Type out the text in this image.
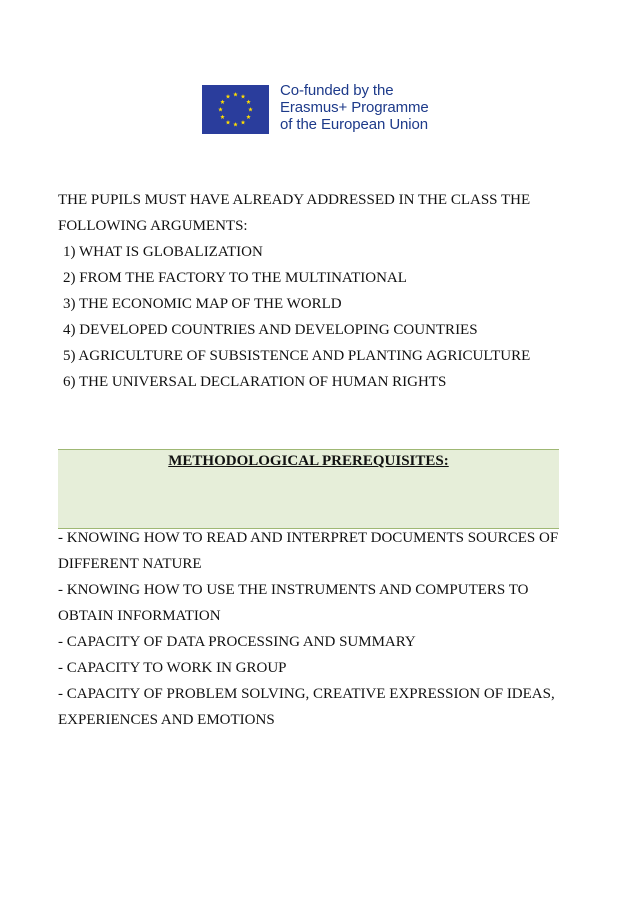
Co-funded by the
Erasmus+ Programme
of the European Union

THE PUPILS MUST HAVE ALREADY ADDRESSED IN THE CLASS THE

FOLLOWING ARGUMENTS:

1) WHAT IS GLOBALIZATION
2) FROM THE FACTORY TO THE MULTINATIONAL
3) THE ECONOMIC MAP OF THE WORLD
4) DEVELOPED COUNTRIES AND DEVELOPING COUNTRIES
5) AGRICULTURE OF SUBSISTENCE AND PLANTING AGRICULTURE
6) THE UNIVERSAL DECLARATION OF HUMAN RIGHTS
METHODOLOGICAL PREREQUISITES:
- KNOWING HOW TO READ AND INTERPRET DOCUMENTS SOURCES OF
DIFFERENT NATURE
- KNOWING HOW TO USE THE INSTRUMENTS AND COMPUTERS TO
OBTAIN INFORMATION
- CAPACITY OF DATA PROCESSING AND SUMMARY
- CAPACITY TO WORK IN GROUP
- CAPACITY OF PROBLEM SOLVING, CREATIVE EXPRESSION OF IDEAS,
EXPERIENCES AND EMOTIONS
